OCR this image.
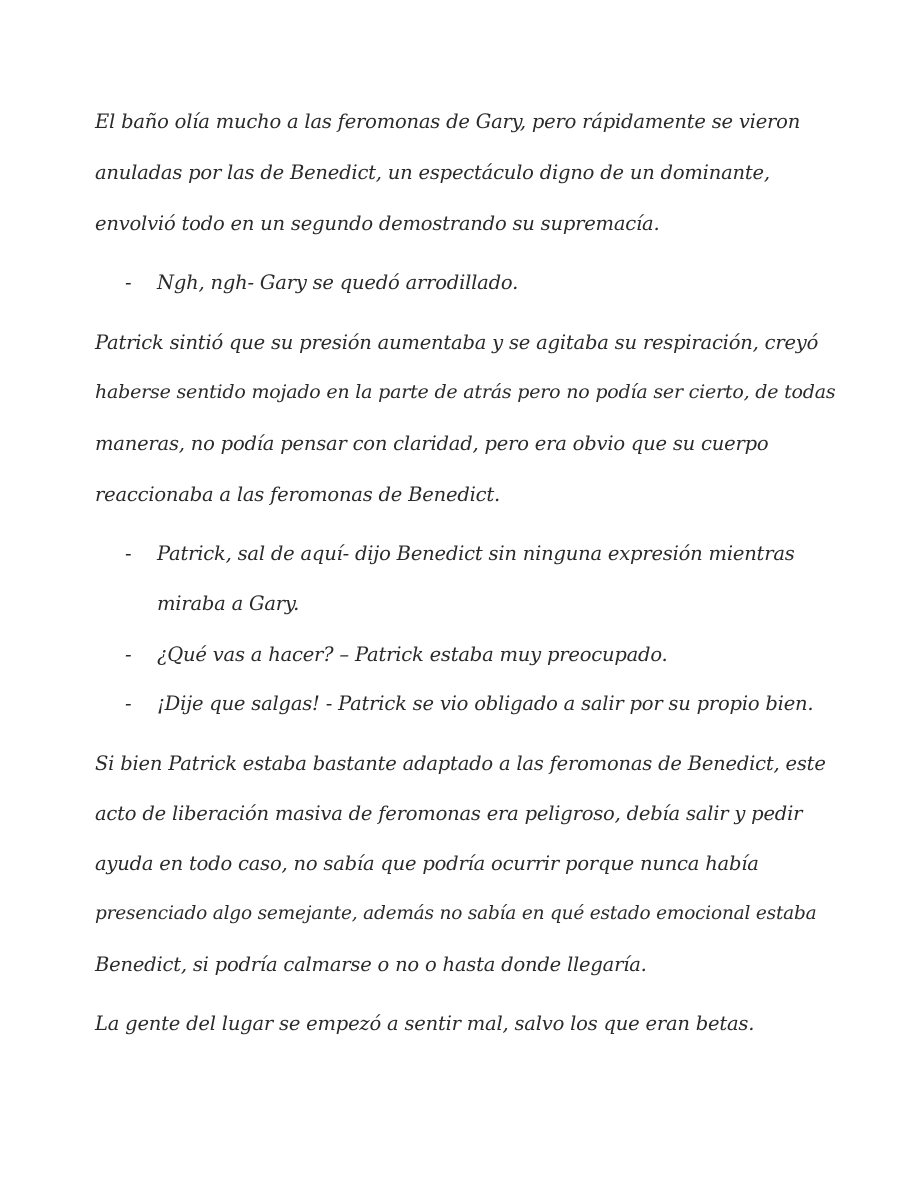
El baño olía mucho a las feromonas de Gary, pero rápidamente se vieron
anuladas por las de Benedict, un espectáculo digno de un dominante,
envolvió todo en un segundo demostrando su supremacía.
- Ngh, ngh- Gary se quedó arrodillado.
Patrick sintió que su presión aumentaba y se agitaba su respiración, creyó
haberse sentido mojado en la parte de atrás pero no podía ser cierto, de todas
maneras, no podía pensar con claridad, pero era obvio que su cuerpo
reaccionaba a las feromonas de Benedict.
- Patrick, sal de aquí- dijo Benedict sin ninguna expresión mientras
miraba a Gary.
- ¿Qué vas a hacer? – Patrick estaba muy preocupado.
- ¡Dije que salgas! - Patrick se vio obligado a salir por su propio bien.
Si bien Patrick estaba bastante adaptado a las feromonas de Benedict, este
acto de liberación masiva de feromonas era peligroso, debía salir y pedir
ayuda en todo caso, no sabía que podría ocurrir porque nunca había
presenciado algo semejante, además no sabía en qué estado emocional estaba
Benedict, si podría calmarse o no o hasta donde llegaría.
La gente del lugar se empezó a sentir mal, salvo los que eran betas.
